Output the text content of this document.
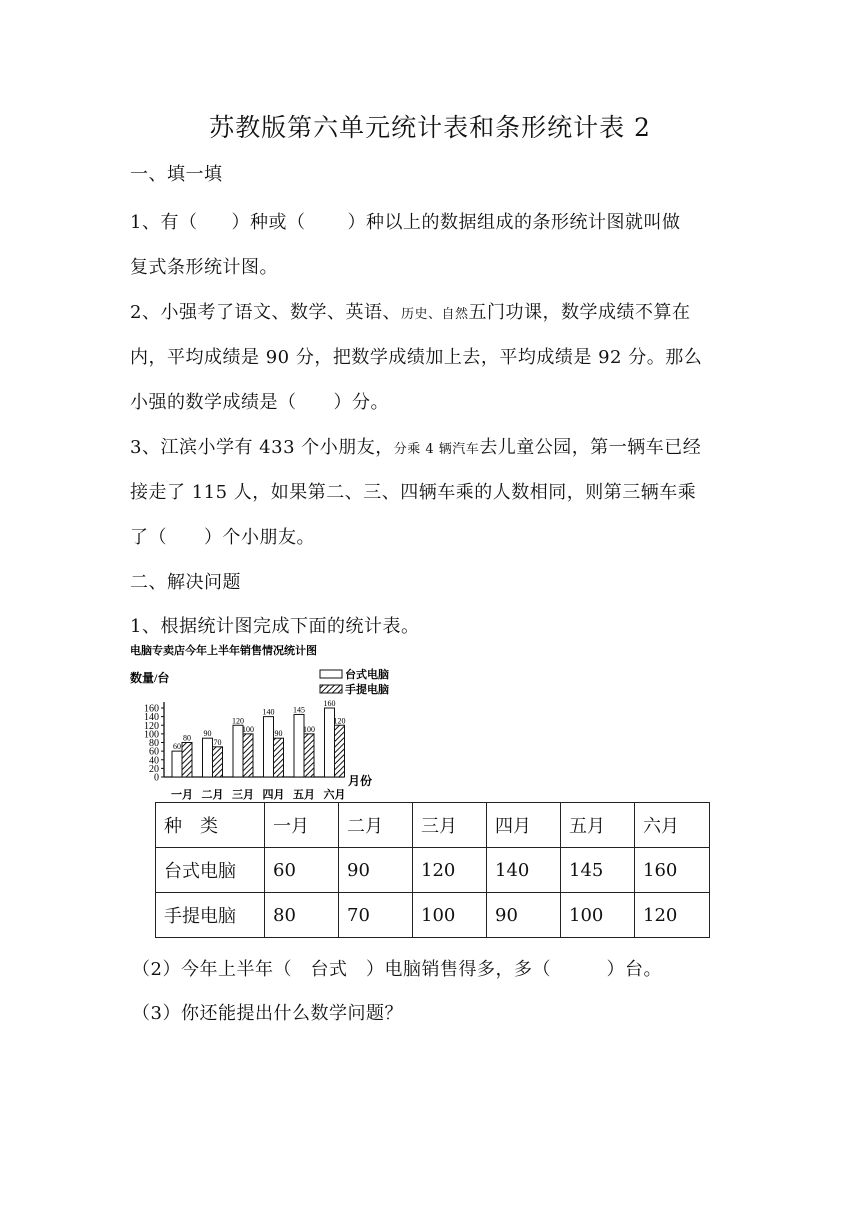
苏教版第六单元统计表和条形统计表 2
一、填一填
1、有（ ）种或（ ）种以上的数据组成的条形统计图就叫做
复式条形统计图。
2、小强考了语文、数学、英语、历史、自然五门功课，数学成绩不算在
内，平均成绩是 90 分，把数学成绩加上去，平均成绩是 92 分。那么
小强的数学成绩是（　　）分。
3、江滨小学有 433 个小朋友，分乘 4 辆汽车去儿童公园，第一辆车已经
接走了 115 人，如果第二、三、四辆车乘的人数相同，则第三辆车乘
了（　　）个小朋友。
二、解决问题
1、根据统计图完成下面的统计表。
电脑专卖店今年上半年销售情况统计图
数量/台
月份
台式电脑
手提电脑
0
20
40
60
80
100
120
140
160
60
80
一月
90
70
二月
120
100
三月
140
90
四月
145
100
五月
160
120
六月
种　类	一月	二月	三月	四月	五月	六月
台式电脑	60	90	120	140	145	160
手提电脑	80	70	100	90	100	120
（2）今年上半年（　台式　）电脑销售得多，多（　　　）台。
（3）你还能提出什么数学问题？
